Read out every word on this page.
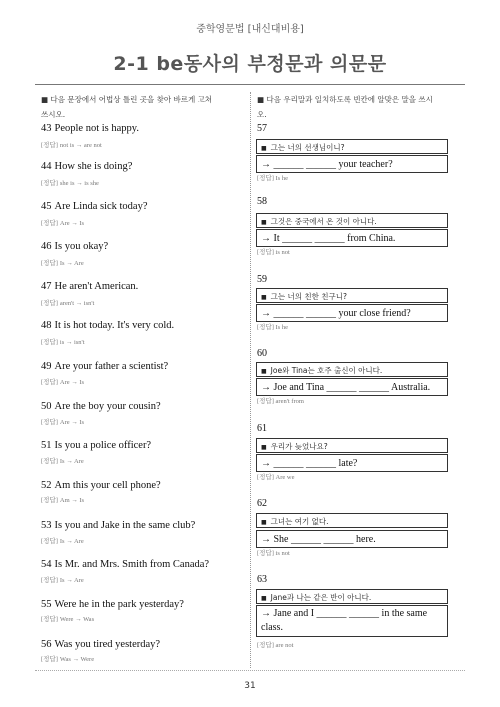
중학영문법 [내신대비용]
2-1 be동사의 부정문과 의문문
■ 다음 문장에서 어법상 틀린 곳을 찾아 바르게 고쳐
쓰시오.
43 People not is happy.
[정답] not is → are not
44 How she is doing?
[정답] she is → is she
45 Are Linda sick today?
[정답] Are → Is
46 Is you okay?
[정답] Is → Are
47 He aren't American.
[정답] aren't → isn't
48 It is hot today. It's very cold.
[정답] is → isn't
49 Are your father a scientist?
[정답] Are → Is
50 Are the boy your cousin?
[정답] Are → Is
51 Is you a police officer?
[정답] Is → Are
52 Am this your cell phone?
[정답] Am → Is
53 Is you and Jake in the same club?
[정답] Is → Are
54 Is Mr. and Mrs. Smith from Canada?
[정답] Is → Are
55 Were he in the park yesterday?
[정답] Were → Was
56 Was you tired yesterday?
[정답] Was → Were
■ 다음 우리말과 일치하도록 빈칸에 알맞은 말을 쓰시
오.
57
■ 그는 너의 선생님이니?
→ ______ ______ your teacher?
[정답] Is he
58
■ 그것은 중국에서 온 것이 아니다.
→ It ______ ______ from China.
[정답] is not
59
■ 그는 너의 친한 친구니?
→ ______ ______ your close friend?
[정답] Is he
60
■ Joe와 Tina는 호주 출신이 아니다.
→ Joe and Tina ______ ______ Australia.
[정답] aren't from
61
■ 우리가 늦었나요?
→ ______ ______ late?
[정답] Are we
62
■ 그녀는 여기 없다.
→ She ______ ______ here.
[정답] is not
63
■ Jane과 나는 같은 반이 아니다.
→ Jane and I ______ ______ in the same class.
[정답] are not
31
